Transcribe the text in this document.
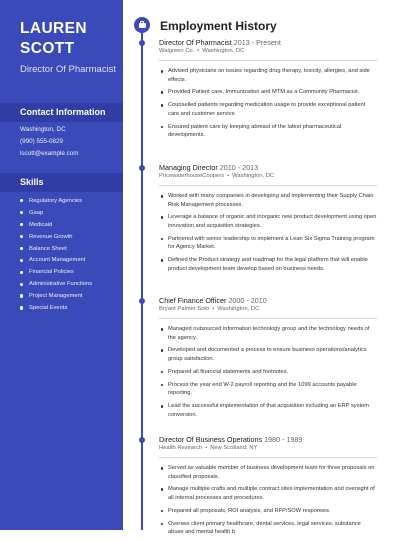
LAUREN SCOTT
Director Of Pharmacist
Contact Information
Washington, DC
(990) 555-0829
lscott@example.com
Skills
Regulatory Agencies
Gaap
Medicaid
Revenue Growth
Balance Sheet
Account Management
Financial Policies
Administrative Functions
Project Management
Special Events
Employment History
Director Of Pharmacist 2013 - Present
Walgreen Co. • Washington, DC
Advised physicians on issues regarding drug therapy, toxicity, allergies, and side effects.
Provided Patient care, Immunization and MTM as a Community Pharmacist.
Counselled patients regarding medication usage to provide exceptional patient care and customer service.
Ensured patient care by keeping abreast of the latest pharmaceutical developments.
Managing Director 2010 - 2013
PricewaterhouseCoopers • Washington, DC
Worked with many companies in developing and implementing their Supply Chain Risk Management processes.
Leverage a balance of organic and inorganic new product development using open innovation and acquisition strategies.
Partnered with senior leadership to implement a Lean Six Sigma Training program for Agency Market.
Defined the Product strategy and roadmap for the legal platform that will enable product development team develop based on business needs.
Chief Finance Officer 2000 - 2010
Bryant Palmer Soto • Washington, DC
Managed outsourced information technology group and the technology needs of the agency.
Developed and documented a process to ensure business operations/analytics group satisfaction.
Prepared all financial statements and footnotes.
Process the year end W-2 payroll reporting and the 1099 accounts payable reporting.
Lead the successful implementation of that acquisition including an ERP system conversion.
Director Of Business Operations 1980 - 1989
Health Research • New Scotland, NY
Served as valuable member of business development team for three proposals on classified proposals.
Manage multiple crafts and multiple contract sites implementation and oversight of all internal processes and procedures.
Prepared all proposals, ROI analysis, and RFP/SOW responses.
Oversee client primary healthcare, dental services, legal services, substance abuse and mental health b
